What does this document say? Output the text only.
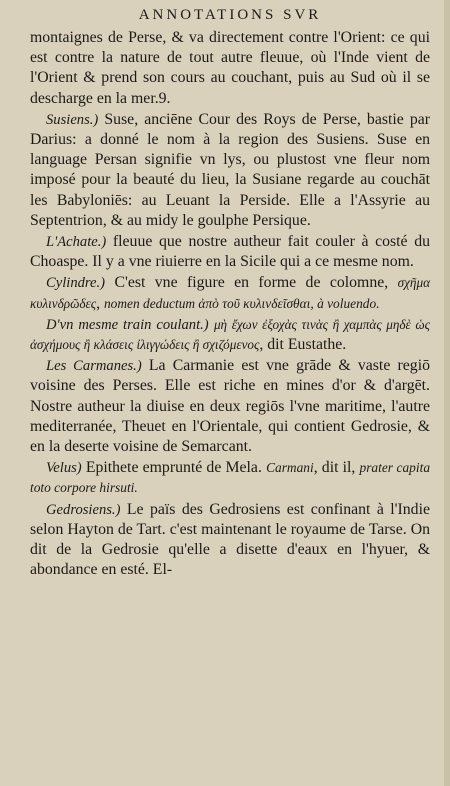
ANNOTATIONS SVR

montaignes de Perse, & va directement contre l'Orient: ce qui est contre la nature de tout autre fleuue, où l'Inde vient de l'Orient & prend son cours au couchant, puis au Sud où il se descharge en la mer.9.

Susiens.) Suse, anciēne Cour des Roys de Perse, bastie par Darius: a donné le nom à la region des Susiens. Suse en language Persan signifie vn lys, ou plustost vne fleur nom imposé pour la beauté du lieu, la Susiane regarde au couchāt les Babyloniēs: au Leuant la Perside. Elle a l'Assyrie au Septentrion, & au midy le goulphe Persique.

L'Achate.) fleuue que nostre autheur fait couler à costé du Choaspe. Il y a vne riuierre en la Sicile qui a ce mesme nom.

Cylindre.) C'est vne figure en forme de colomne, σχῆμα κυλινδρῶδες, nomen deductum ἀπὸ τοῦ κυλινδεῖσθαι, à voluendo.

D'vn mesme train coulant.) μὴ ἔχων ἐξοχὰς τινὰς ἢ χαμπὰς μηδὲ ὡς ἀσχήμους ἢ κλάσεις ἰλιγγώδεις ἢ σχιζόμενος, dit Eustathe.

Les Carmanes.) La Carmanie est vne grāde & vaste regiō voisine des Perses. Elle est riche en mines d'or & d'argēt. Nostre autheur la diuise en deux regiōs l'vne maritime, l'autre mediterranée, Theuet en l'Orientale, qui contient Gedrosie, & en la deserte voisine de Semarcant.

Velus) Epithete emprunté de Mela. Carmani, dit il, prater capita toto corpore hirsuti.

Gedrosiens.) Le païs des Gedrosiens est confinant à l'Indie selon Hayton de Tart. c'est maintenant le royaume de Tarse. On dit de la Gedrosie qu'elle a disette d'eaux en l'hyuer, & abondance en esté. El-
